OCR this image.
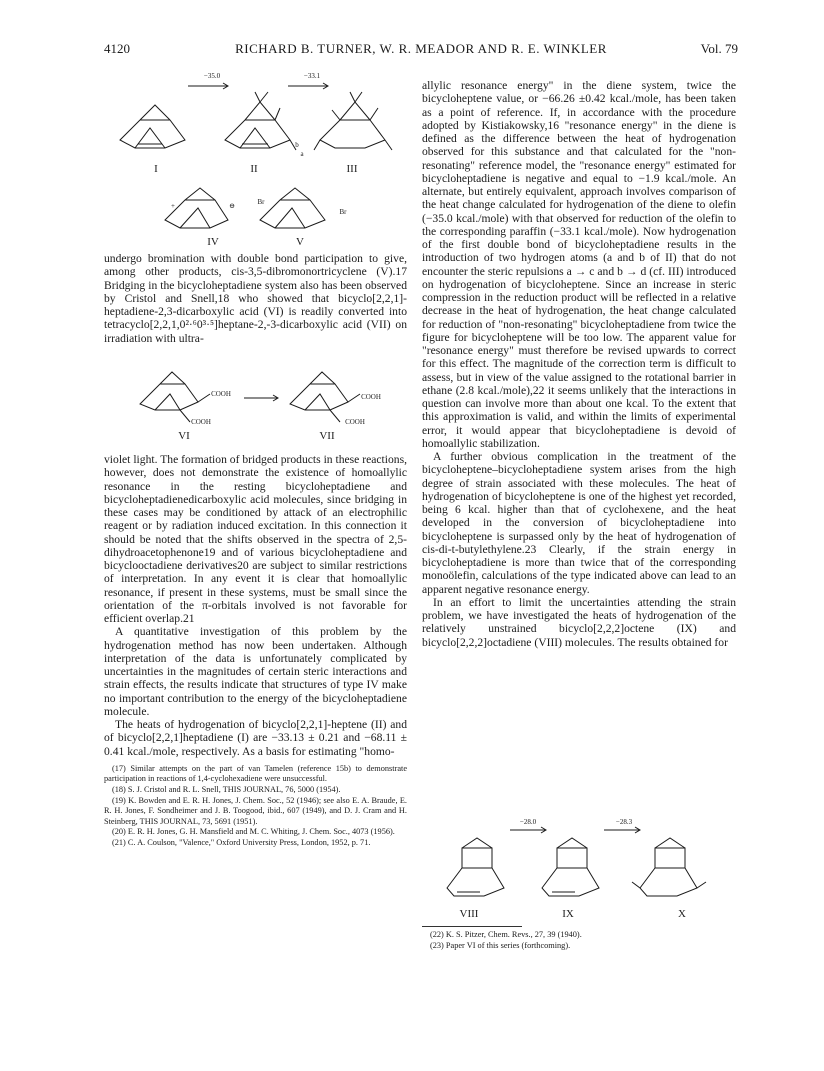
4120	RICHARD B. TURNER, W. R. MEADOR AND R. E. WINKLER	Vol. 79
−35.0	−33.1
b
a
+	⊖	Br
Br
I	II	III
IV	V

undergo bromination with double bond participation to give, among other products, cis-3,5-dibromonortricyclene (V).17 Bridging in the bicycloheptadiene system also has been observed by Cristol and Snell,18 who showed that bicyclo[2,2,1]-heptadiene-2,3-dicarboxylic acid (VI) is readily converted into tetracyclo[2,2,1,0²·⁶0³·⁵]heptane-2,-3-dicarboxylic acid (VII) on irradiation with ultra-

COOH
COOH
COOH
COOH
VI	VII

violet light. The formation of bridged products in these reactions, however, does not demonstrate the existence of homoallylic resonance in the resting bicycloheptadiene and bicycloheptadienedicarboxylic acid molecules, since bridging in these cases may be conditioned by attack of an electrophilic reagent or by radiation induced excitation. In this connection it should be noted that the shifts observed in the spectra of 2,5-dihydroacetophenone19 and of various bicycloheptadiene and bicyclooctadiene derivatives20 are subject to similar restrictions of interpretation. In any event it is clear that homoallylic resonance, if present in these systems, must be small since the orientation of the π-orbitals involved is not favorable for efficient overlap.21

A quantitative investigation of this problem by the hydrogenation method has now been undertaken. Although interpretation of the data is unfortunately complicated by uncertainties in the magnitudes of certain steric interactions and strain effects, the results indicate that structures of type IV make no important contribution to the energy of the bicycloheptadiene molecule.

The heats of hydrogenation of bicyclo[2,2,1]-heptene (II) and of bicyclo[2,2,1]heptadiene (I) are −33.13 ± 0.21 and −68.11 ± 0.41 kcal./mole, respectively. As a basis for estimating "homo-

(17) Similar attempts on the part of van Tamelen (reference 15b) to demonstrate participation in reactions of 1,4-cyclohexadiene were unsuccessful.

(18) S. J. Cristol and R. L. Snell, THIS JOURNAL, 76, 5000 (1954).

(19) K. Bowden and E. R. H. Jones, J. Chem. Soc., 52 (1946); see also E. A. Braude, E. R. H. Jones, F. Sondheimer and J. B. Toogood, ibid., 607 (1949), and D. J. Cram and H. Steinberg, THIS JOURNAL, 73, 5691 (1951).

(20) E. R. H. Jones, G. H. Mansfield and M. C. Whiting, J. Chem. Soc., 4073 (1956).

(21) C. A. Coulson, "Valence," Oxford University Press, London, 1952, p. 71.

allylic resonance energy" in the diene system, twice the bicycloheptene value, or −66.26 ±0.42 kcal./mole, has been taken as a point of reference. If, in accordance with the procedure adopted by Kistiakowsky,16 "resonance energy" in the diene is defined as the difference between the heat of hydrogenation observed for this substance and that calculated for the "non-resonating" reference model, the "resonance energy" estimated for bicycloheptadiene is negative and equal to −1.9 kcal./mole. An alternate, but entirely equivalent, approach involves comparison of the heat change calculated for hydrogenation of the diene to olefin (−35.0 kcal./mole) with that observed for reduction of the olefin to the corresponding paraffin (−33.1 kcal./mole). Now hydrogenation of the first double bond of bicycloheptadiene results in the introduction of two hydrogen atoms (a and b of II) that do not encounter the steric repulsions a → c and b → d (cf. III) introduced on hydrogenation of bicycloheptene. Since an increase in steric compression in the reduction product will be reflected in a relative decrease in the heat of hydrogenation, the heat change calculated for reduction of "non-resonating" bicycloheptadiene from twice the figure for bicycloheptene will be too low. The apparent value for "resonance energy" must therefore be revised upwards to correct for this effect. The magnitude of the correction term is difficult to assess, but in view of the value assigned to the rotational barrier in ethane (2.8 kcal./mole),22 it seems unlikely that the interactions in question can involve more than about one kcal. To the extent that this approximation is valid, and within the limits of experimental error, it would appear that bicycloheptadiene is devoid of homoallylic stabilization.

A further obvious complication in the treatment of the bicycloheptene–bicycloheptadiene system arises from the high degree of strain associated with these molecules. The heat of hydrogenation of bicycloheptene is one of the highest yet recorded, being 6 kcal. higher than that of cyclohexene, and the heat developed in the conversion of bicycloheptadiene into bicycloheptene is surpassed only by the heat of hydrogenation of cis-di-t-butylethylene.23 Clearly, if the strain energy in bicycloheptadiene is more than twice that of the corresponding monoölefin, calculations of the type indicated above can lead to an apparent negative resonance energy.

In an effort to limit the uncertainties attending the strain problem, we have investigated the heats of hydrogenation of the relatively unstrained bicyclo[2,2,2]octene (IX) and bicyclo[2,2,2]octadiene (VIII) molecules. The results obtained for

−28.0	−28.3
VIII	IX	X

(22) K. S. Pitzer, Chem. Revs., 27, 39 (1940).

(23) Paper VI of this series (forthcoming).
